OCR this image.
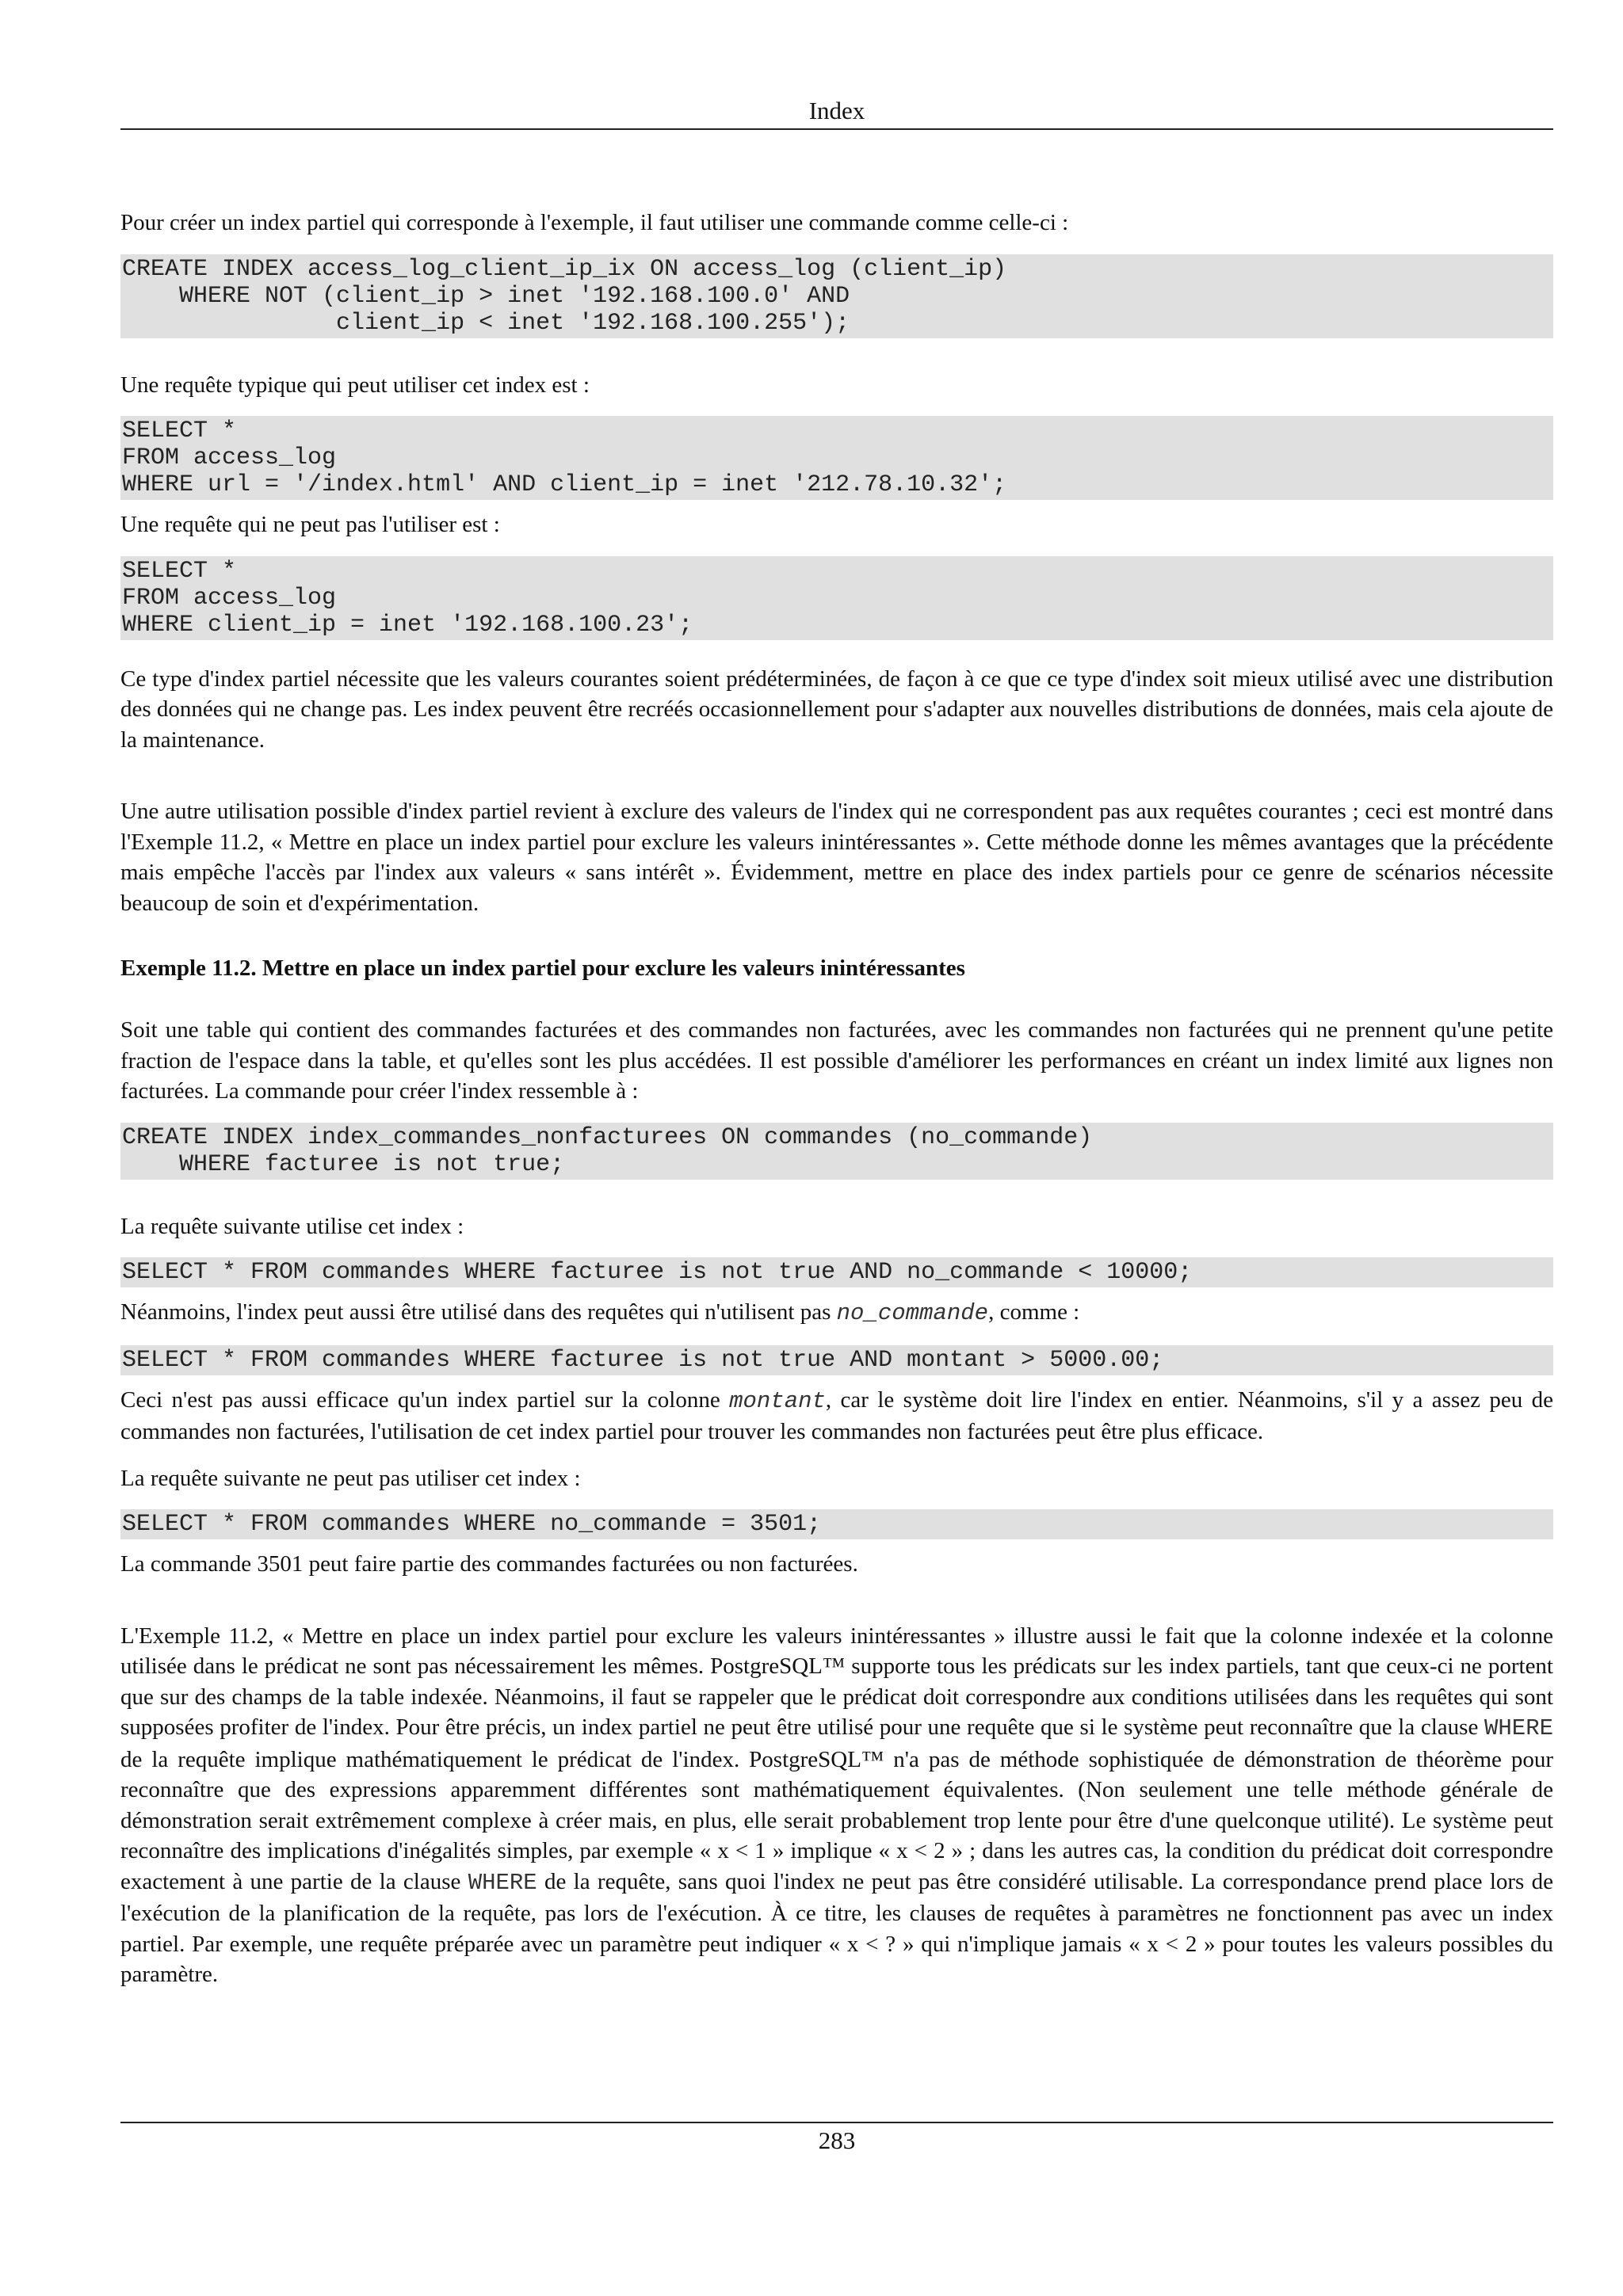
Index

Pour créer un index partiel qui corresponde à l'exemple, il faut utiliser une commande comme celle-ci :

CREATE INDEX access_log_client_ip_ix ON access_log (client_ip)
WHERE NOT (client_ip > inet '192.168.100.0' AND
client_ip < inet '192.168.100.255');

Une requête typique qui peut utiliser cet index est :

SELECT *
FROM access_log
WHERE url = '/index.html' AND client_ip = inet '212.78.10.32';

Une requête qui ne peut pas l'utiliser est :

SELECT *
FROM access_log
WHERE client_ip = inet '192.168.100.23';

Ce type d'index partiel nécessite que les valeurs courantes soient prédéterminées, de façon à ce que ce type d'index soit mieux utilisé avec une distribution des données qui ne change pas. Les index peuvent être recréés occasionnellement pour s'adapter aux nouvelles distributions de données, mais cela ajoute de la maintenance.

Une autre utilisation possible d'index partiel revient à exclure des valeurs de l'index qui ne correspondent pas aux requêtes courantes ; ceci est montré dans l'Exemple 11.2, « Mettre en place un index partiel pour exclure les valeurs inintéressantes ». Cette méthode donne les mêmes avantages que la précédente mais empêche l'accès par l'index aux valeurs « sans intérêt ». Évidemment, mettre en place des index partiels pour ce genre de scénarios nécessite beaucoup de soin et d'expérimentation.

Exemple 11.2. Mettre en place un index partiel pour exclure les valeurs inintéressantes

Soit une table qui contient des commandes facturées et des commandes non facturées, avec les commandes non facturées qui ne prennent qu'une petite fraction de l'espace dans la table, et qu'elles sont les plus accédées. Il est possible d'améliorer les performances en créant un index limité aux lignes non facturées. La commande pour créer l'index ressemble à :

CREATE INDEX index_commandes_nonfacturees ON commandes (no_commande)
WHERE facturee is not true;

La requête suivante utilise cet index :

SELECT * FROM commandes WHERE facturee is not true AND no_commande < 10000;

Néanmoins, l'index peut aussi être utilisé dans des requêtes qui n'utilisent pas no_commande, comme :

SELECT * FROM commandes WHERE facturee is not true AND montant > 5000.00;

Ceci n'est pas aussi efficace qu'un index partiel sur la colonne montant, car le système doit lire l'index en entier. Néanmoins, s'il y a assez peu de commandes non facturées, l'utilisation de cet index partiel pour trouver les commandes non facturées peut être plus efficace.

La requête suivante ne peut pas utiliser cet index :

SELECT * FROM commandes WHERE no_commande = 3501;

La commande 3501 peut faire partie des commandes facturées ou non facturées.

L'Exemple 11.2, « Mettre en place un index partiel pour exclure les valeurs inintéressantes » illustre aussi le fait que la colonne indexée et la colonne utilisée dans le prédicat ne sont pas nécessairement les mêmes. PostgreSQL™ supporte tous les prédicats sur les index partiels, tant que ceux-ci ne portent que sur des champs de la table indexée. Néanmoins, il faut se rappeler que le prédicat doit correspondre aux conditions utilisées dans les requêtes qui sont supposées profiter de l'index. Pour être précis, un index partiel ne peut être utilisé pour une requête que si le système peut reconnaître que la clause WHERE de la requête implique mathématiquement le prédicat de l'index. PostgreSQL™ n'a pas de méthode sophistiquée de démonstration de théorème pour reconnaître que des expressions apparemment différentes sont mathématiquement équivalentes. (Non seulement une telle méthode générale de démonstration serait extrêmement complexe à créer mais, en plus, elle serait probablement trop lente pour être d'une quelconque utilité). Le système peut reconnaître des implications d'inégalités simples, par exemple « x < 1 » implique « x < 2 » ; dans les autres cas, la condition du prédicat doit correspondre exactement à une partie de la clause WHERE de la requête, sans quoi l'index ne peut pas être considéré utilisable. La correspondance prend place lors de l'exécution de la planification de la requête, pas lors de l'exécution. À ce titre, les clauses de requêtes à paramètres ne fonctionnent pas avec un index partiel. Par exemple, une requête préparée avec un paramètre peut indiquer « x < ? » qui n'implique jamais « x < 2 » pour toutes les valeurs possibles du paramètre.

283
